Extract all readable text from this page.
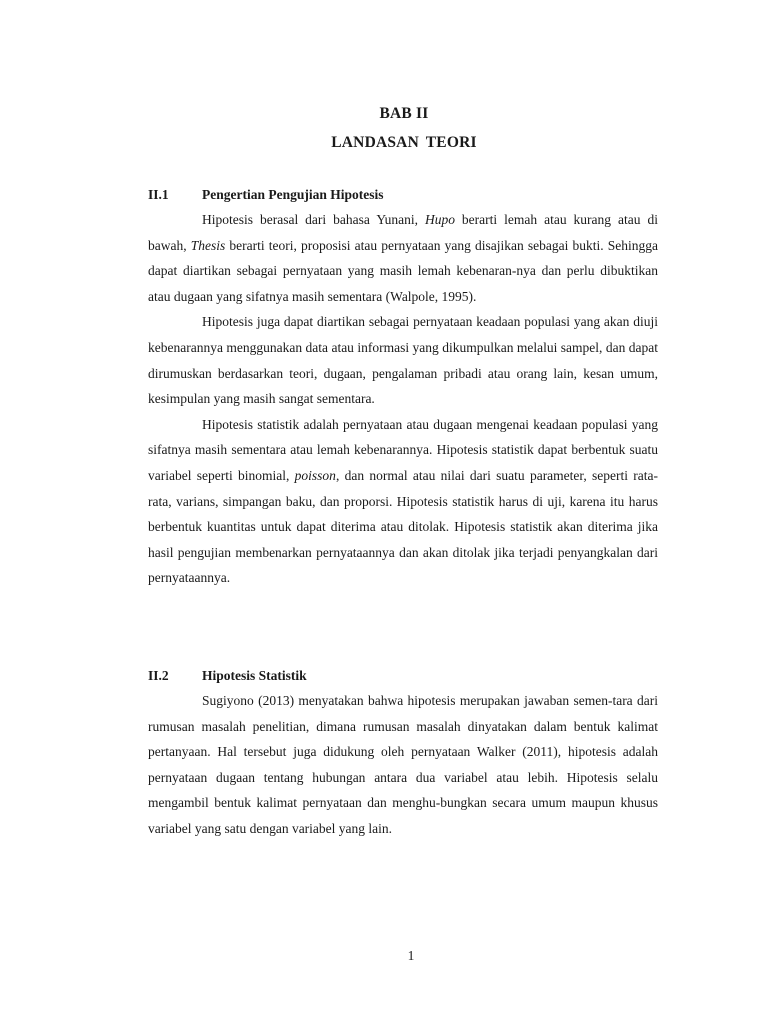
BAB II
LANDASAN TEORI
II.1 Pengertian Pengujian Hipotesis

Hipotesis berasal dari bahasa Yunani, Hupo berarti lemah atau kurang atau di bawah, Thesis berarti teori, proposisi atau pernyataan yang disajikan sebagai bukti. Sehingga dapat diartikan sebagai pernyataan yang masih lemah kebenaran-nya dan perlu dibuktikan atau dugaan yang sifatnya masih sementara (Walpole, 1995).

Hipotesis juga dapat diartikan sebagai pernyataan keadaan populasi yang akan diuji kebenarannya menggunakan data atau informasi yang dikumpulkan melalui sampel, dan dapat dirumuskan berdasarkan teori, dugaan, pengalaman pribadi atau orang lain, kesan umum, kesimpulan yang masih sangat sementara.

Hipotesis statistik adalah pernyataan atau dugaan mengenai keadaan populasi yang sifatnya masih sementara atau lemah kebenarannya. Hipotesis statistik dapat berbentuk suatu variabel seperti binomial, poisson, dan normal atau nilai dari suatu parameter, seperti rata-rata, varians, simpangan baku, dan proporsi. Hipotesis statistik harus di uji, karena itu harus berbentuk kuantitas untuk dapat diterima atau ditolak. Hipotesis statistik akan diterima jika hasil pengujian membenarkan pernyataannya dan akan ditolak jika terjadi penyangkalan dari pernyataannya.

II.2 Hipotesis Statistik

Sugiyono (2013) menyatakan bahwa hipotesis merupakan jawaban semen-tara dari rumusan masalah penelitian, dimana rumusan masalah dinyatakan dalam bentuk kalimat pertanyaan. Hal tersebut juga didukung oleh pernyataan Walker (2011), hipotesis adalah pernyataan dugaan tentang hubungan antara dua variabel atau lebih. Hipotesis selalu mengambil bentuk kalimat pernyataan dan menghu-bungkan secara umum maupun khusus variabel yang satu dengan variabel yang lain.

1
